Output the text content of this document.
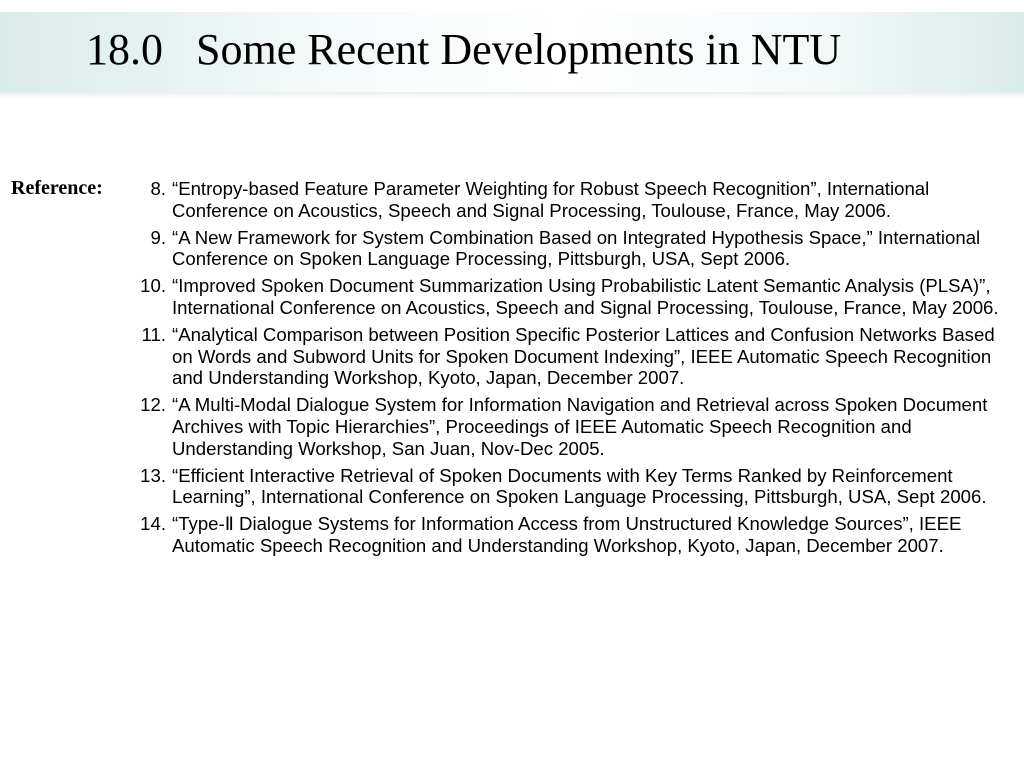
18.0   Some Recent Developments in NTU
Reference:	8. “Entropy-based Feature Parameter Weighting for Robust Speech Recognition”, International Conference on Acoustics, Speech and Signal Processing, Toulouse, France, May 2006.
9. “A New Framework for System Combination Based on Integrated Hypothesis Space,” International Conference on Spoken Language Processing, Pittsburgh, USA, Sept 2006.
10. “Improved Spoken Document Summarization Using Probabilistic Latent Semantic Analysis (PLSA)”, International Conference on Acoustics, Speech and Signal Processing, Toulouse, France, May 2006.
11. “Analytical Comparison between Position Specific Posterior Lattices and Confusion Networks Based on Words and Subword Units for Spoken Document Indexing”, IEEE Automatic Speech Recognition and Understanding Workshop, Kyoto, Japan, December 2007.
12. “A Multi-Modal Dialogue System for Information Navigation and Retrieval across Spoken Document Archives with Topic Hierarchies”, Proceedings of IEEE Automatic Speech Recognition and Understanding Workshop, San Juan, Nov-Dec 2005.
13. “Efficient Interactive Retrieval of Spoken Documents with Key Terms Ranked by Reinforcement Learning”, International Conference on Spoken Language Processing, Pittsburgh, USA, Sept 2006.
14. “Type-Ⅱ Dialogue Systems for Information Access from Unstructured Knowledge Sources”, IEEE Automatic Speech Recognition and Understanding Workshop, Kyoto, Japan, December 2007.
